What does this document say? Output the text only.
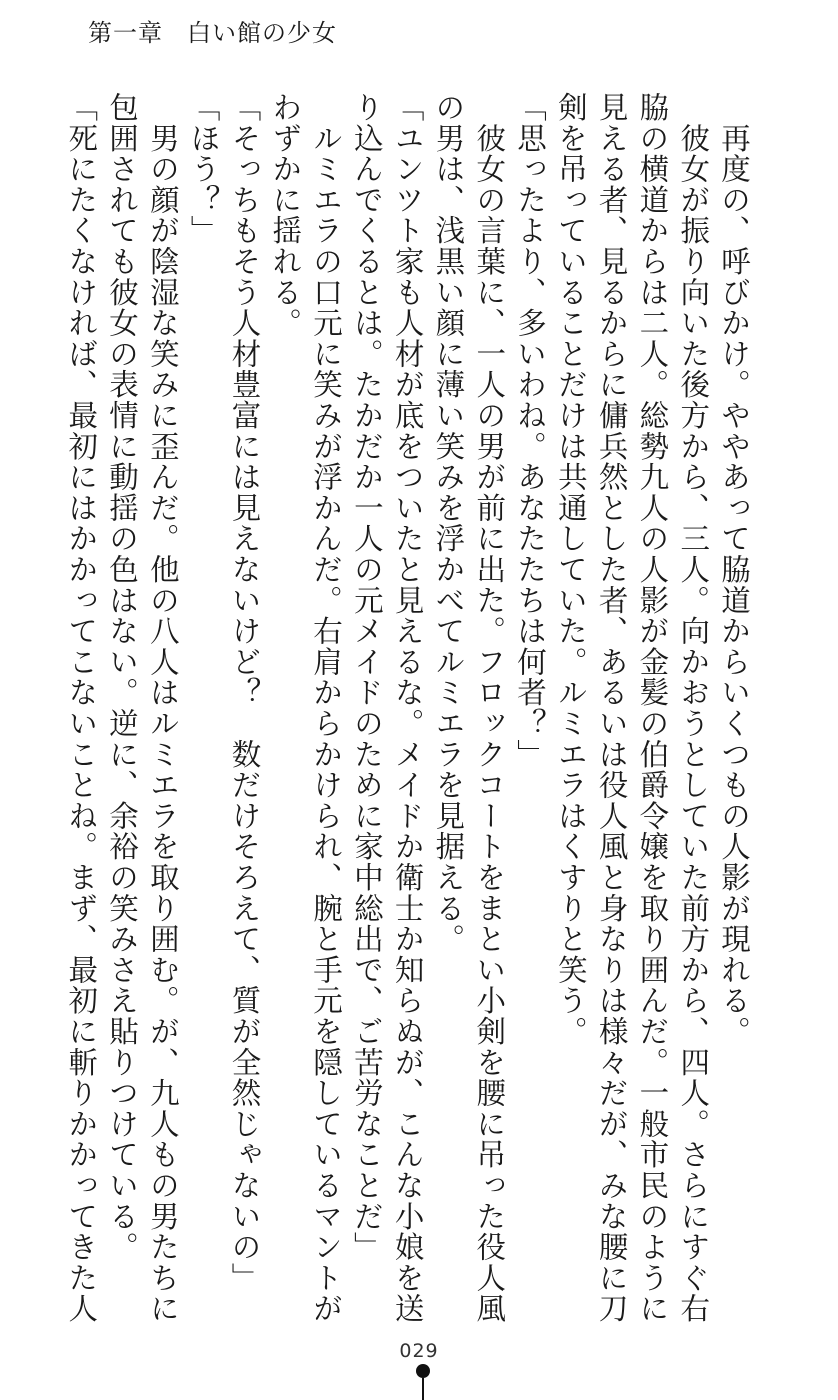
第一章 白い館の少女

　再度の、呼びかけ。ややあって脇道からいくつもの人影が現れる。

　彼女が振り向いた後方から、三人。向かおうとしていた前方から、四人。さらにすぐ右

脇の横道からは二人。総勢九人の人影が金髪の伯爵令嬢を取り囲んだ。一般市民のように

見える者、見るからに傭兵然とした者、あるいは役人風と身なりは様々だが、みな腰に刀

剣を吊っていることだけは共通していた。ルミエラはくすりと笑う。

「思ったより、多いわね。あなたたちは何者？」

　彼女の言葉に、一人の男が前に出た。フロックコートをまとい小剣を腰に吊った役人風

の男は、浅黒い顔に薄い笑みを浮かべてルミエラを見据える。

「ユンツト家も人材が底をついたと見えるな。メイドか衛士か知らぬが、こんな小娘を送

り込んでくるとは。たかだか一人の元メイドのために家中総出で、ご苦労なことだ」

　ルミエラの口元に笑みが浮かんだ。右肩からかけられ、腕と手元を隠しているマントが

わずかに揺れる。

「そっちもそう人材豊富には見えないけど？　数だけそろえて、質が全然じゃないの」

「ほう？」

　男の顔が陰湿な笑みに歪んだ。他の八人はルミエラを取り囲む。が、九人もの男たちに

包囲されても彼女の表情に動揺の色はない。逆に、余裕の笑みさえ貼りつけている。

「死にたくなければ、最初にはかかってこないことね。まず、最初に斬りかかってきた人

029
